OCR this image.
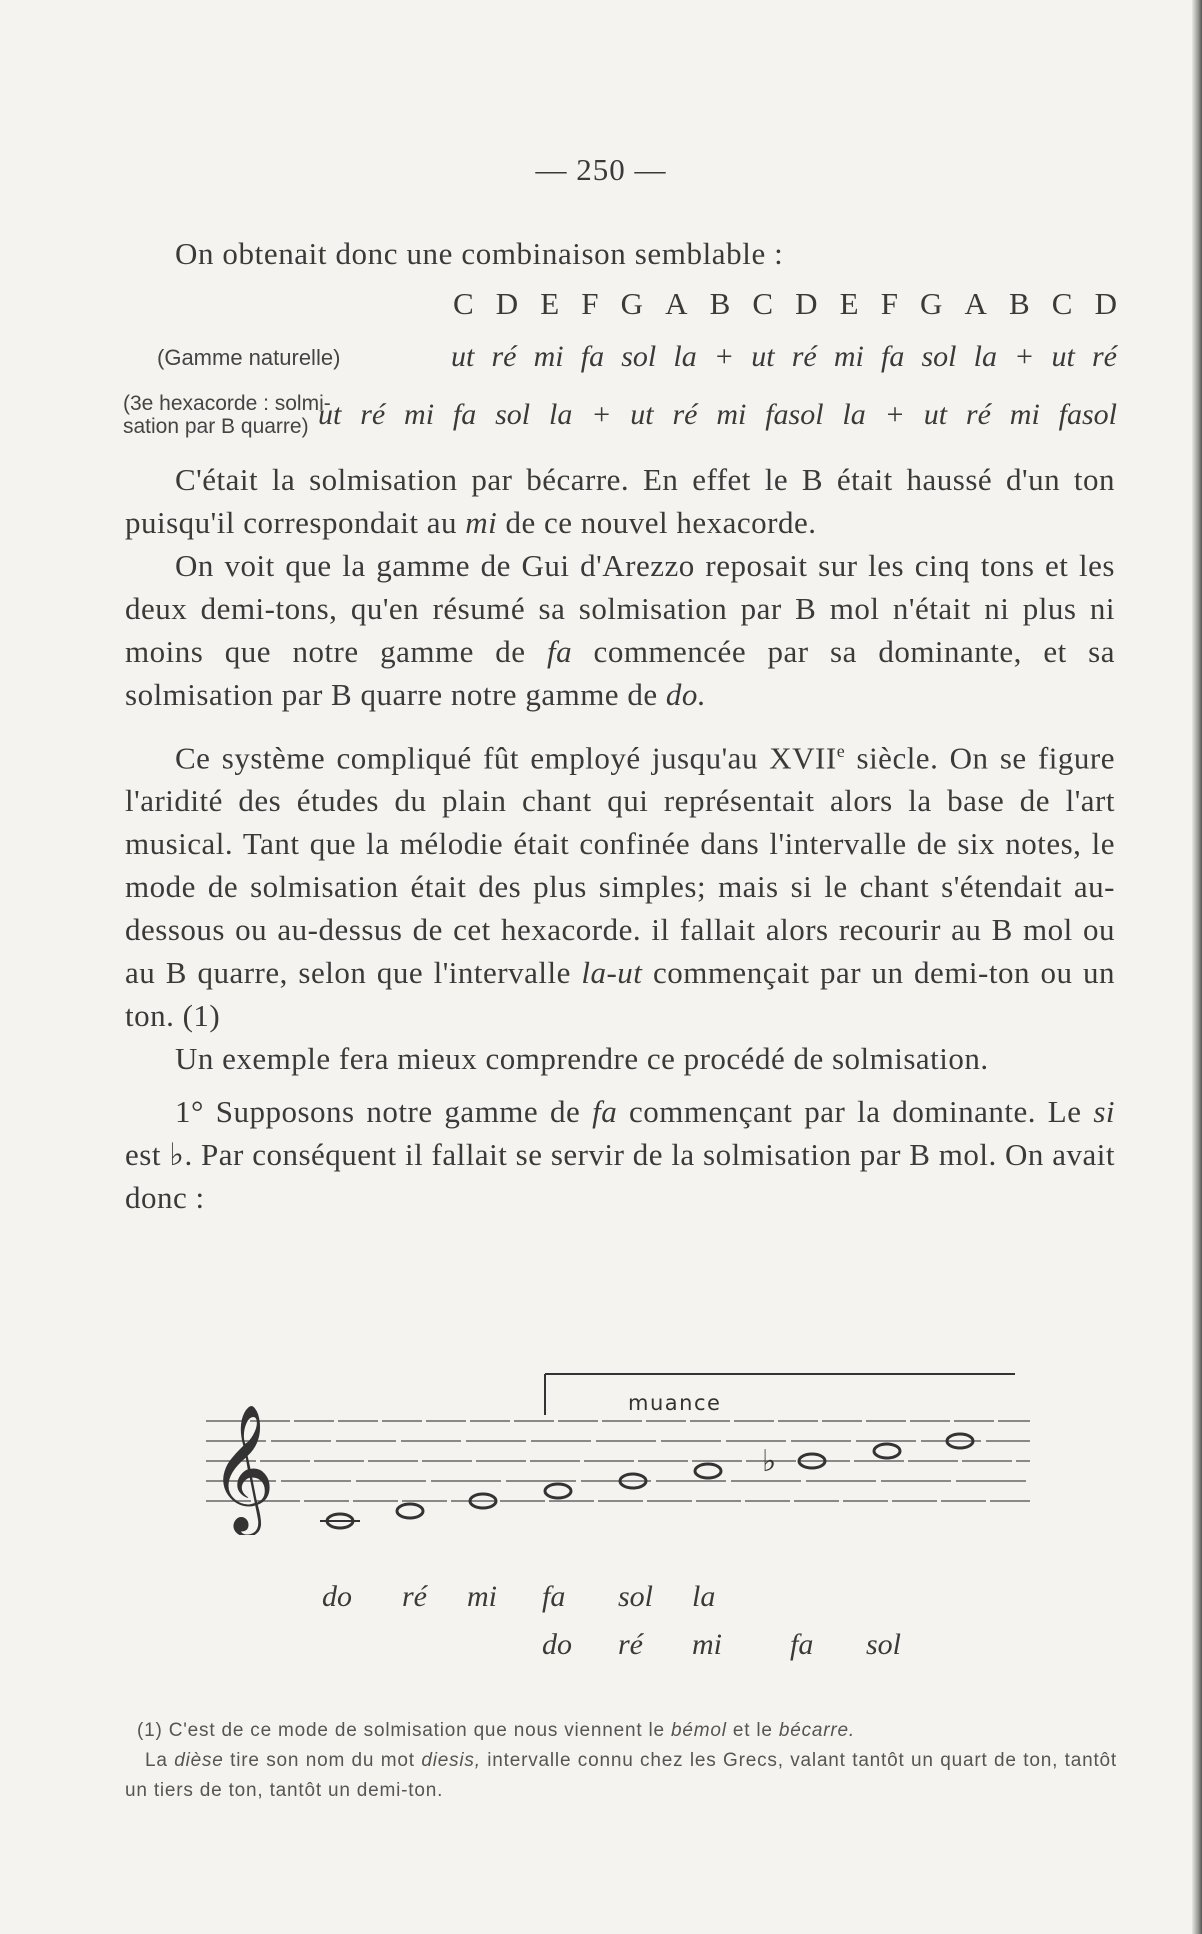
— 250 —
On obtenait donc une combinaison semblable :
C D E F G A B C D E F G A B C D
(Gamme naturelle)	ut ré mi fa sol la + ut ré mi fa sol la + ut ré
(3e hexacorde : solmi-
sation par B quarre) ut ré mi fa sol la + ut ré mi fasol la + ut ré mi fasol

C'était la solmisation par bécarre. En effet le B était haussé d'un ton puisqu'il correspondait au mi de ce nouvel hexacorde.

On voit que la gamme de Gui d'Arezzo reposait sur les cinq tons et les deux demi-tons, qu'en résumé sa solmisation par B mol n'était ni plus ni moins que notre gamme de fa commencée par sa dominante, et sa solmisation par B quarre notre gamme de do.

Ce système compliqué fût employé jusqu'au XVIIe siècle. On se figure l'aridité des études du plain chant qui représentait alors la base de l'art musical. Tant que la mélodie était confinée dans l'intervalle de six notes, le mode de solmisation était des plus simples; mais si le chant s'étendait au-dessous ou au-dessus de cet hexacorde. il fallait alors recourir au B mol ou au B quarre, selon que l'intervalle la-ut commençait par un demi-ton ou un ton. (1)

Un exemple fera mieux comprendre ce procédé de solmisation.

1° Supposons notre gamme de fa commençant par la dominante. Le si est ♭. Par conséquent il fallait se servir de la solmisation par B mol. On avait donc :

muance
𝄞	♭
do ré mi fa sol la
do ré mi fa sol
(1) C'est de ce mode de solmisation que nous viennent le bémol et le bécarre.
La dièse tire son nom du mot diesis, intervalle connu chez les Grecs, valant tantôt un quart de ton, tantôt un tiers de ton, tantôt un demi-ton.
